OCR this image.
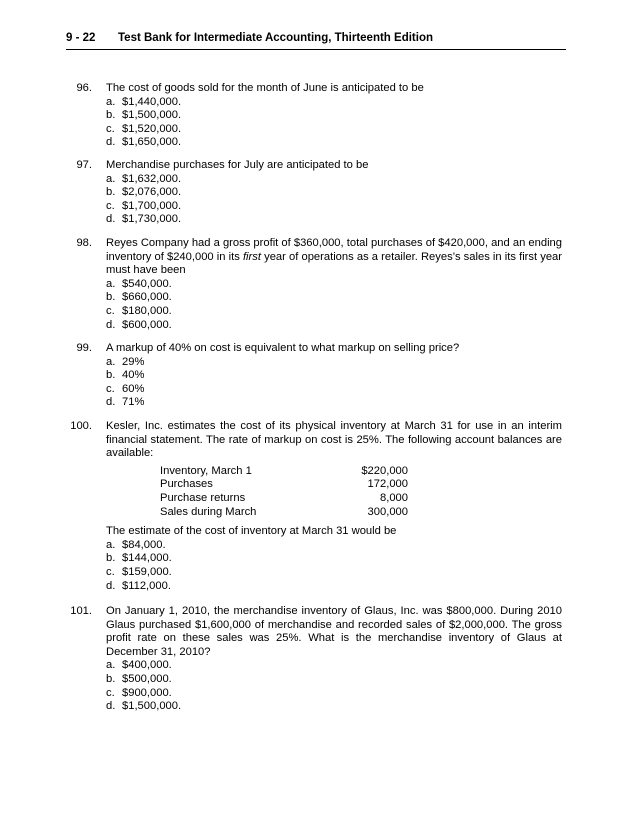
9 - 22 Test Bank for Intermediate Accounting, Thirteenth Edition
96. The cost of goods sold for the month of June is anticipated to be
a. $1,440,000.
b. $1,500,000.
c. $1,520,000.
d. $1,650,000.
97. Merchandise purchases for July are anticipated to be
a. $1,632,000.
b. $2,076,000.
c. $1,700,000.
d. $1,730,000.
98. Reyes Company had a gross profit of $360,000, total purchases of $420,000, and an ending inventory of $240,000 in its first year of operations as a retailer. Reyes’s sales in its first year must have been
a. $540,000.
b. $660,000.
c. $180,000.
d. $600,000.
99. A markup of 40% on cost is equivalent to what markup on selling price?
a. 29%
b. 40%
c. 60%
d. 71%
100. Kesler, Inc. estimates the cost of its physical inventory at March 31 for use in an interim financial statement. The rate of markup on cost is 25%. The following account balances are available:
Inventory, March 1	$220,000
Purchases	172,000
Purchase returns	8,000
Sales during March	300,000
The estimate of the cost of inventory at March 31 would be
a. $84,000.
b. $144,000.
c. $159,000.
d. $112,000.
101. On January 1, 2010, the merchandise inventory of Glaus, Inc. was $800,000. During 2010 Glaus purchased $1,600,000 of merchandise and recorded sales of $2,000,000. The gross profit rate on these sales was 25%. What is the merchandise inventory of Glaus at December 31, 2010?
a. $400,000.
b. $500,000.
c. $900,000.
d. $1,500,000.
